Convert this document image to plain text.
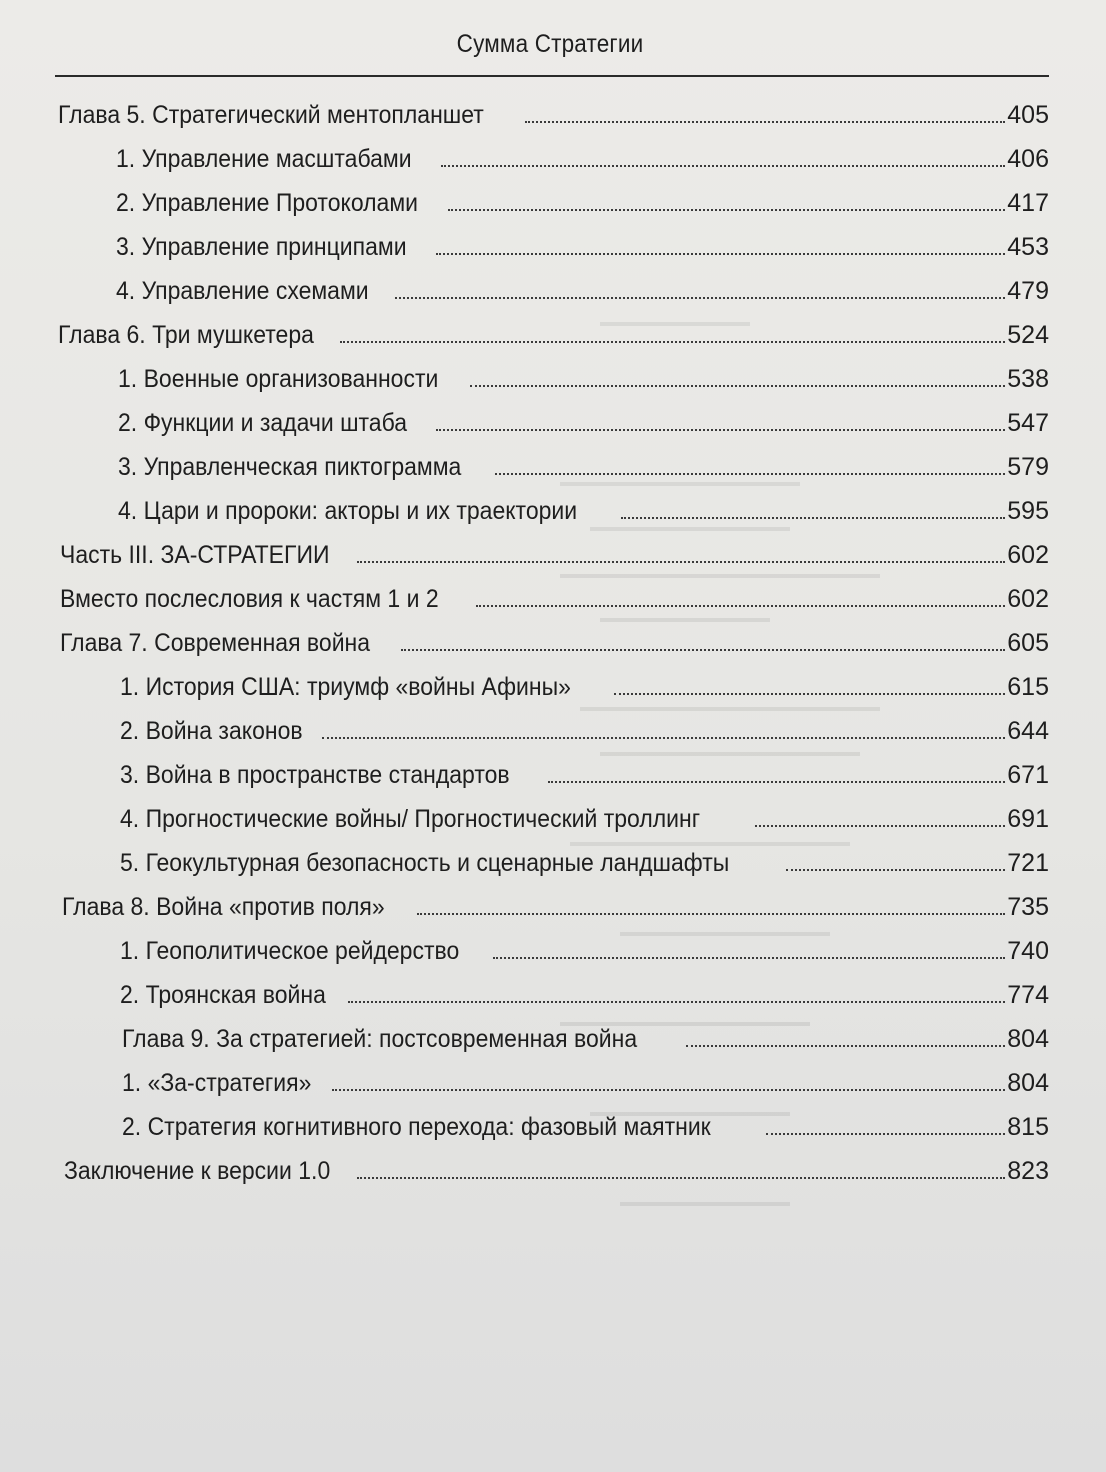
Сумма Стратегии
Глава 5. Стратегический ментопланшет	405
1. Управление масштабами	406
2. Управление Протоколами	417
3. Управление принципами	453
4. Управление схемами	479
Глава 6. Три мушкетера	524
1. Военные организованности	538
2. Функции и задачи штаба	547
3. Управленческая пиктограмма	579
4. Цари и пророки: акторы и их траектории	595
Часть III. ЗА-СТРАТЕГИИ	602
Вместо послесловия к частям 1 и 2	602
Глава 7. Современная война	605
1. История США: триумф «войны Афины»	615
2. Война законов	644
3. Война в пространстве стандартов	671
4. Прогностические войны/ Прогностический троллинг	691
5. Геокультурная безопасность и сценарные ландшафты	721
Глава 8. Война «против поля»	735
1. Геополитическое рейдерство	740
2. Троянская война	774
Глава 9. За стратегией: постсовременная война	804
1. «За-стратегия»	804
2. Стратегия когнитивного перехода: фазовый маятник	815
Заключение к версии 1.0	823
